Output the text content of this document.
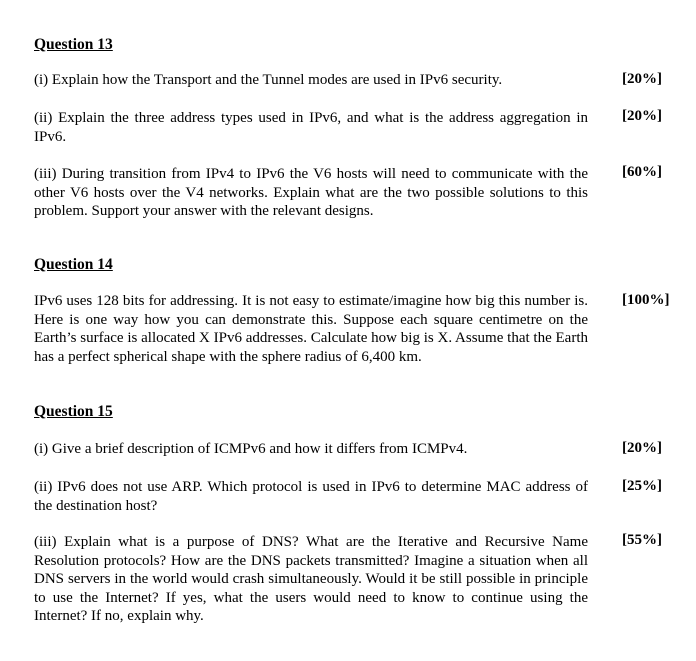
Question 13

(i) Explain how the Transport and the Tunnel modes are used in IPv6 security.	[20%]

(ii) Explain the three address types used in IPv6, and what is the address aggregation in IPv6.

[20%]

(iii) During transition from IPv4 to IPv6 the V6 hosts will need to communicate with the other V6 hosts over the V4 networks. Explain what are the two possible solutions to this problem. Support your answer with the relevant designs.

[60%]
Question 14

IPv6 uses 128 bits for addressing. It is not easy to estimate/imagine how big this number is. Here is one way how you can demonstrate this. Suppose each square centimetre on the Earth’s surface is allocated X IPv6 addresses. Calculate how big is X. Assume that the Earth has a perfect spherical shape with the sphere radius of 6,400 km.

[100%]
Question 15

(i) Give a brief description of ICMPv6 and how it differs from ICMPv4.	[20%]

(ii) IPv6 does not use ARP. Which protocol is used in IPv6 to determine MAC address of the destination host?

[25%]

(iii) Explain what is a purpose of DNS? What are the Iterative and Recursive Name Resolution protocols? How are the DNS packets transmitted? Imagine a situation when all DNS servers in the world would crash simultaneously. Would it be still possible in principle to use the Internet? If yes, what the users would need to know to continue using the Internet? If no, explain why.

[55%]
